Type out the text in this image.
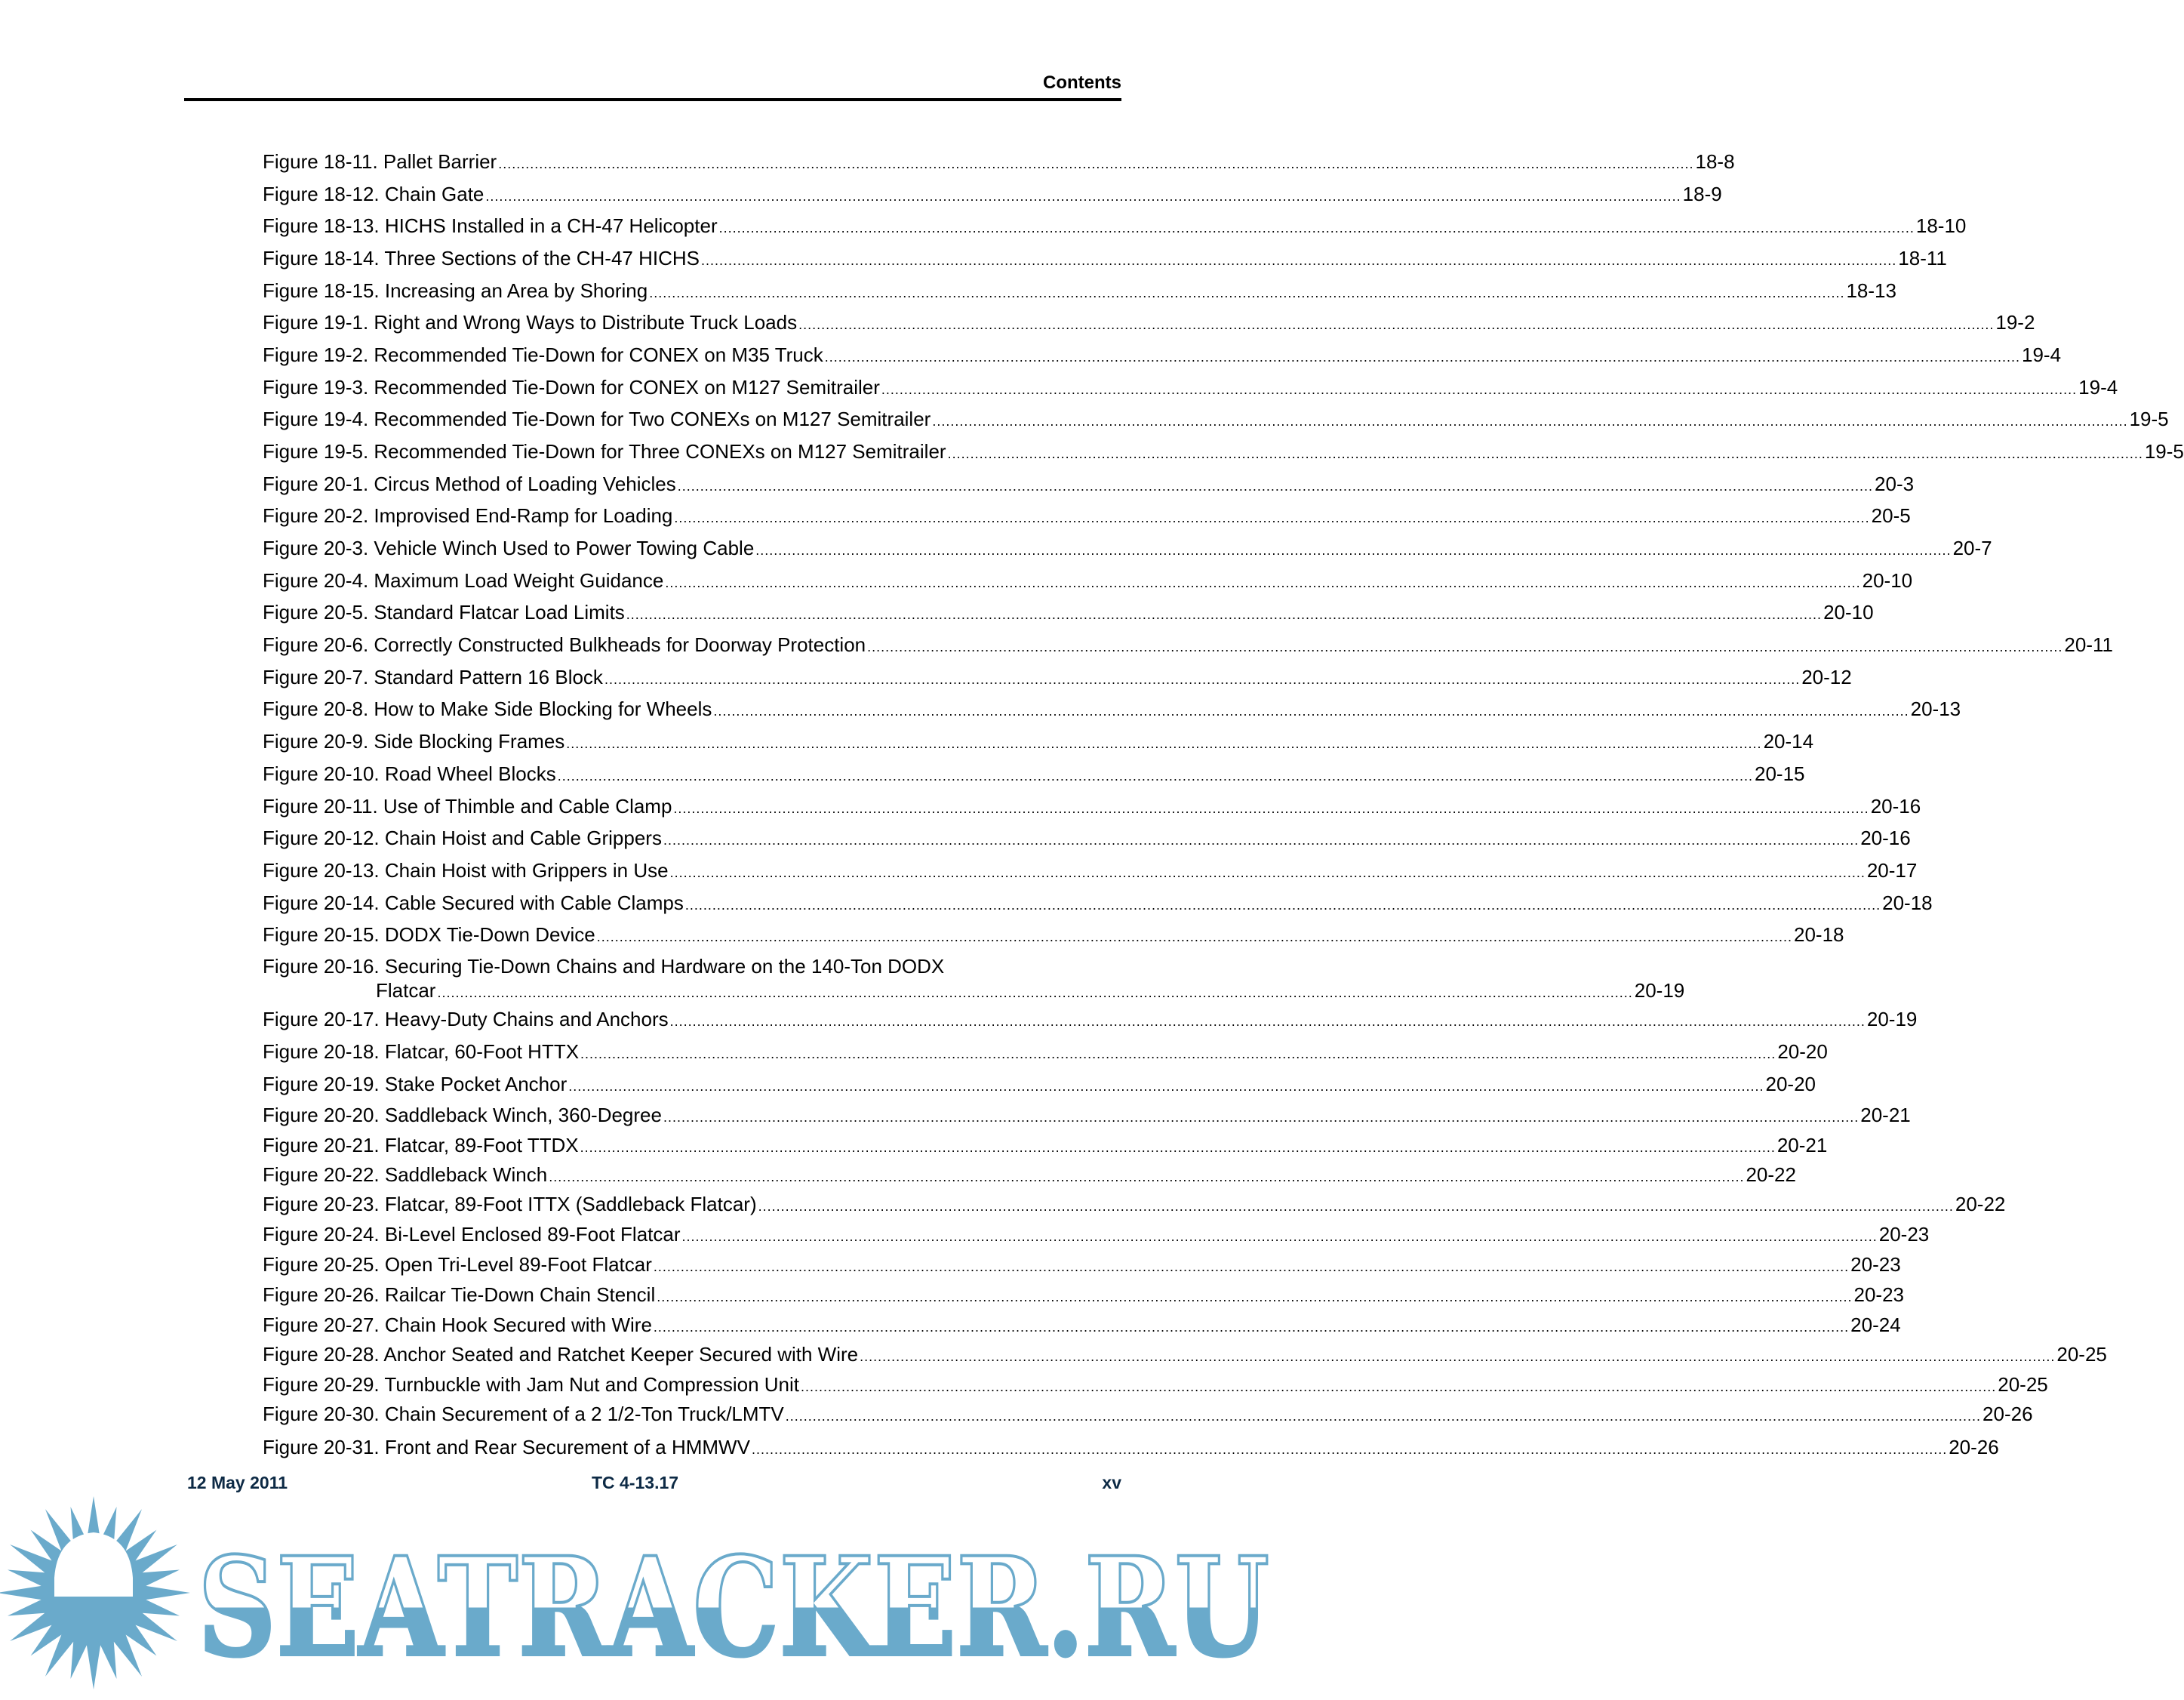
Contents
Figure 18-11. Pallet Barrier .....	18-8
Figure 18-12. Chain Gate .....	18-9
Figure 18-13. HICHS Installed in a CH-47 Helicopter .....	18-10
Figure 18-14. Three Sections of the CH-47 HICHS .....	18-11
Figure 18-15. Increasing an Area by Shoring .....	18-13
Figure 19-1. Right and Wrong Ways to Distribute Truck Loads .....	19-2
Figure 19-2. Recommended Tie-Down for CONEX on M35 Truck .....	19-4
Figure 19-3. Recommended Tie-Down for CONEX on M127 Semitrailer .....	19-4
Figure 19-4. Recommended Tie-Down for Two CONEXs on M127 Semitrailer .....	19-5
Figure 19-5. Recommended Tie-Down for Three CONEXs on M127 Semitrailer .....	19-5
Figure 20-1. Circus Method of Loading Vehicles .....	20-3
Figure 20-2. Improvised End-Ramp for Loading .....	20-5
Figure 20-3. Vehicle Winch Used to Power Towing Cable .....	20-7
Figure 20-4. Maximum Load Weight Guidance .....	20-10
Figure 20-5. Standard Flatcar Load Limits .....	20-10
Figure 20-6. Correctly Constructed Bulkheads for Doorway Protection .....	20-11
Figure 20-7. Standard Pattern 16 Block .....	20-12
Figure 20-8. How to Make Side Blocking for Wheels .....	20-13
Figure 20-9. Side Blocking Frames .....	20-14
Figure 20-10. Road Wheel Blocks .....	20-15
Figure 20-11. Use of Thimble and Cable Clamp .....	20-16
Figure 20-12. Chain Hoist and Cable Grippers .....	20-16
Figure 20-13. Chain Hoist with Grippers in Use .....	20-17
Figure 20-14. Cable Secured with Cable Clamps .....	20-18
Figure 20-15. DODX Tie-Down Device .....	20-18
Figure 20-16. Securing Tie-Down Chains and Hardware on the 140-Ton DODX
Flatcar .....	20-19
Figure 20-17. Heavy-Duty Chains and Anchors .....	20-19
Figure 20-18. Flatcar, 60-Foot HTTX .....	20-20
Figure 20-19. Stake Pocket Anchor .....	20-20
Figure 20-20. Saddleback Winch, 360-Degree .....	20-21
Figure 20-21. Flatcar, 89-Foot TTDX .....	20-21
Figure 20-22. Saddleback Winch .....	20-22
Figure 20-23. Flatcar, 89-Foot ITTX (Saddleback Flatcar) .....	20-22
Figure 20-24. Bi-Level Enclosed 89-Foot Flatcar .....	20-23
Figure 20-25. Open Tri-Level 89-Foot Flatcar .....	20-23
Figure 20-26. Railcar Tie-Down Chain Stencil .....	20-23
Figure 20-27. Chain Hook Secured with Wire .....	20-24
Figure 20-28. Anchor Seated and Ratchet Keeper Secured with Wire .....	20-25
Figure 20-29. Turnbuckle with Jam Nut and Compression Unit .....	20-25
Figure 20-30. Chain Securement of a 2 1/2-Ton Truck/LMTV .....	20-26
Figure 20-31. Front and Rear Securement of a HMMWV .....	20-26
SEATRACKER.RU
12 May 2011	TC 4-13.17	xv
